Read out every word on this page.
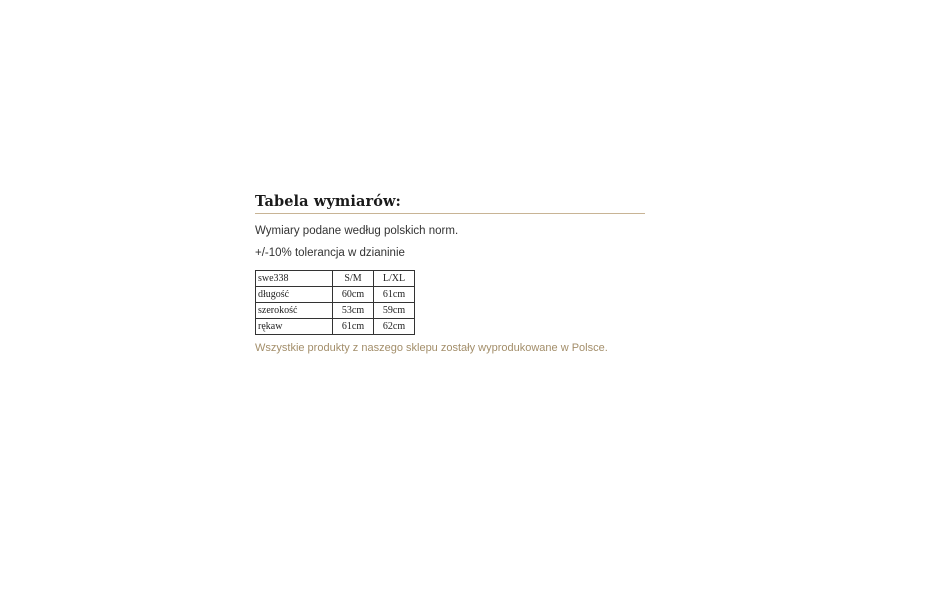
Tabela wymiarów:

Wymiary podane według polskich norm.

+/-10% tolerancja w dzianinie

swe338	S/M	L/XL
długość	60cm	61cm
szerokość	53cm	59cm
rękaw	61cm	62cm

Wszystkie produkty z naszego sklepu zostały wyprodukowane w Polsce.
